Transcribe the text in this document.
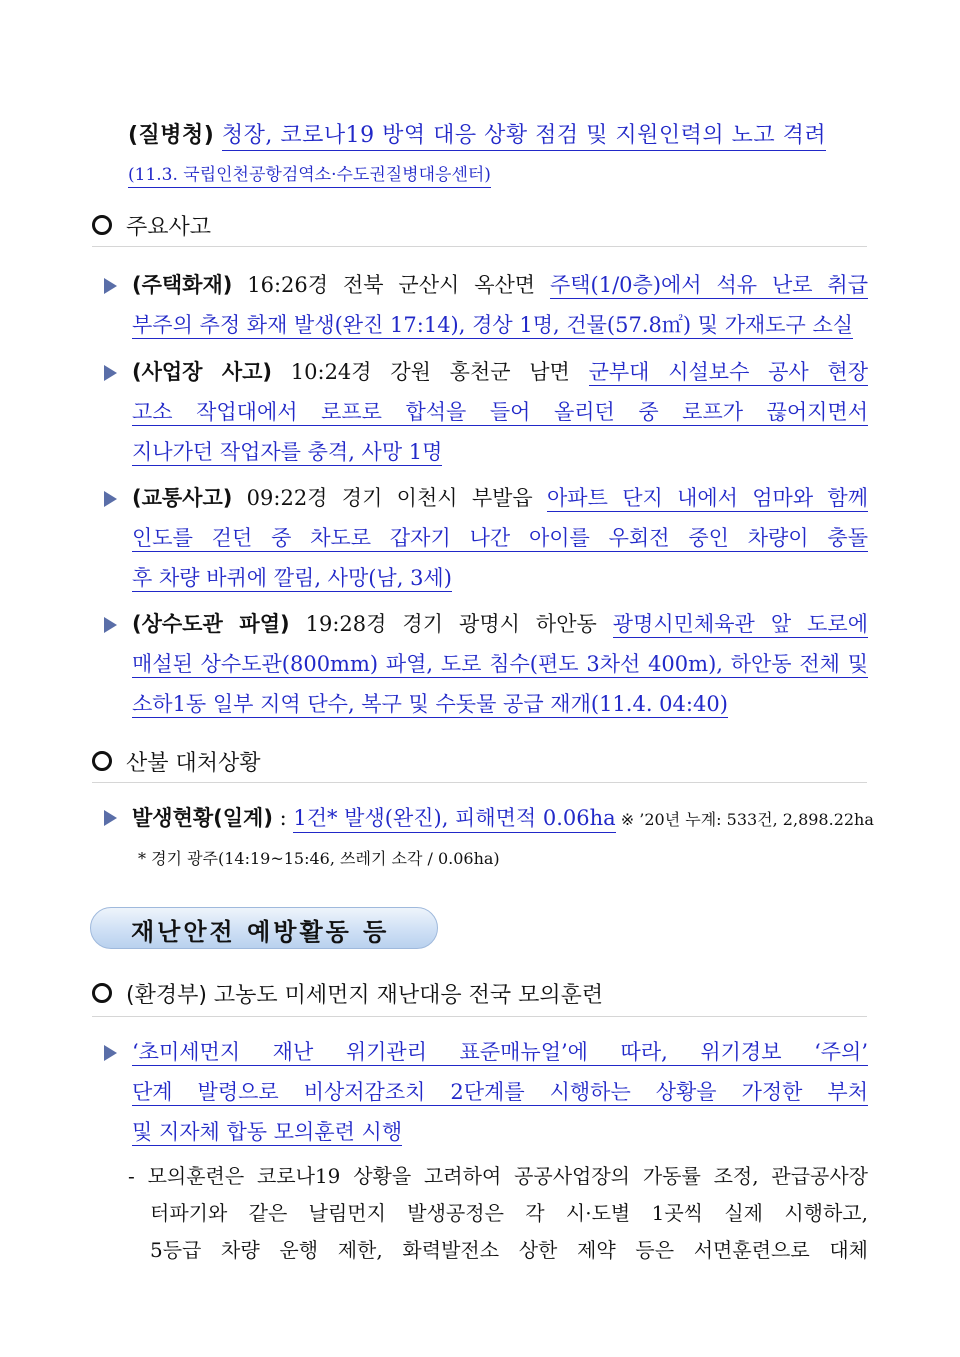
(질병청) 청장, 코로나19 방역 대응 상황 점검 및 지원인력의 노고 격려
(11.3. 국립인천공항검역소·수도권질병대응센터)
주요사고
(주택화재) 16:26경 전북 군산시 옥산면 주택(1/0층)에서 석유 난로 취급
부주의 추정 화재 발생(완진 17:14), 경상 1명, 건물(57.8㎡) 및 가재도구 소실
(사업장 사고) 10:24경 강원 홍천군 남면 군부대 시설보수 공사 현장
고소 작업대에서 로프로 합석을 들어 올리던 중 로프가 끊어지면서
지나가던 작업자를 충격, 사망 1명
(교통사고) 09:22경 경기 이천시 부발읍 아파트 단지 내에서 엄마와 함께
인도를 걷던 중 차도로 갑자기 나간 아이를 우회전 중인 차량이 충돌
후 차량 바퀴에 깔림, 사망(남, 3세)
(상수도관 파열) 19:28경 경기 광명시 하안동 광명시민체육관 앞 도로에
매설된 상수도관(800mm) 파열, 도로 침수(편도 3차선 400m), 하안동 전체 및
소하1동 일부 지역 단수, 복구 및 수돗물 공급 재개(11.4. 04:40)
산불 대처상황
발생현황(일계) : 1건* 발생(완진), 피해면적 0.06ha ※ ’20년 누계: 533건, 2,898.22ha
* 경기 광주(14:19~15:46, 쓰레기 소각 / 0.06ha)
재난안전 예방활동 등
(환경부) 고농도 미세먼지 재난대응 전국 모의훈련
‘초미세먼지 재난 위기관리 표준매뉴얼’에 따라, 위기경보 ‘주의’
단계 발령으로 비상저감조치 2단계를 시행하는 상황을 가정한 부처
및 지자체 합동 모의훈련 시행
- 모의훈련은 코로나19 상황을 고려하여 공공사업장의 가동률 조정, 관급공사장
터파기와 같은 날림먼지 발생공정은 각 시·도별 1곳씩 실제 시행하고,
5등급 차량 운행 제한, 화력발전소 상한 제약 등은 서면훈련으로 대체
